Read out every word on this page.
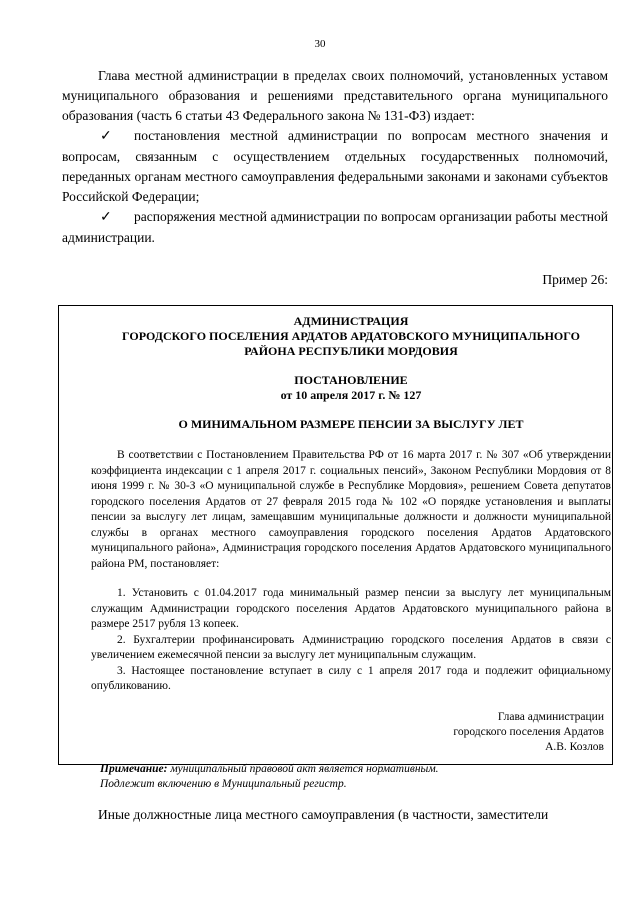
30

Глава местной администрации в пределах своих полномочий, установленных уставом муниципального образования и решениями представительного органа муниципального образования (часть 6 статьи 43 Федерального закона № 131-ФЗ) издает:

✓ постановления местной администрации по вопросам местного значения и вопросам, связанным с осуществлением отдельных государственных полномочий, переданных органам местного самоуправления федеральными законами и законами субъектов Российской Федерации;
✓ распоряжения местной администрации по вопросам организации работы местной администрации.
Пример 26:
АДМИНИСТРАЦИЯ
ГОРОДСКОГО ПОСЕЛЕНИЯ АРДАТОВ АРДАТОВСКОГО МУНИЦИПАЛЬНОГО
РАЙОНА РЕСПУБЛИКИ МОРДОВИЯ
ПОСТАНОВЛЕНИЕ
от 10 апреля 2017 г. № 127
О МИНИМАЛЬНОМ РАЗМЕРЕ ПЕНСИИ ЗА ВЫСЛУГУ ЛЕТ

В соответствии с Постановлением Правительства РФ от 16 марта 2017 г. № 307 «Об утверждении коэффициента индексации с 1 апреля 2017 г. социальных пенсий», Законом Республики Мордовия от 8 июня 1999 г. № 30-З «О муниципальной службе в Республике Мордовия», решением Совета депутатов городского поселения Ардатов от 27 февраля 2015 года № 102 «О порядке установления и выплаты пенсии за выслугу лет лицам, замещавшим муниципальные должности и должности муниципальной службы в органах местного самоуправления городского поселения Ардатов Ардатовского муниципального района», Администрация городского поселения Ардатов Ардатовского муниципального района РМ, постановляет:

1. Установить с 01.04.2017 года минимальный размер пенсии за выслугу лет муниципальным служащим Администрации городского поселения Ардатов Ардатовского муниципального района в размере 2517 рубля 13 копеек.

2. Бухгалтерии профинансировать Администрацию городского поселения Ардатов в связи с увеличением ежемесячной пенсии за выслугу лет муниципальным служащим.

3. Настоящее постановление вступает в силу с 1 апреля 2017 года и подлежит официальному опубликованию.

Глава администрации
городского поселения Ардатов
А.В. Козлов
Примечание: муниципальный правовой акт является нормативным.
Подлежит включению в Муниципальный регистр.
Иные должностные лица местного самоуправления (в частности, заместители
